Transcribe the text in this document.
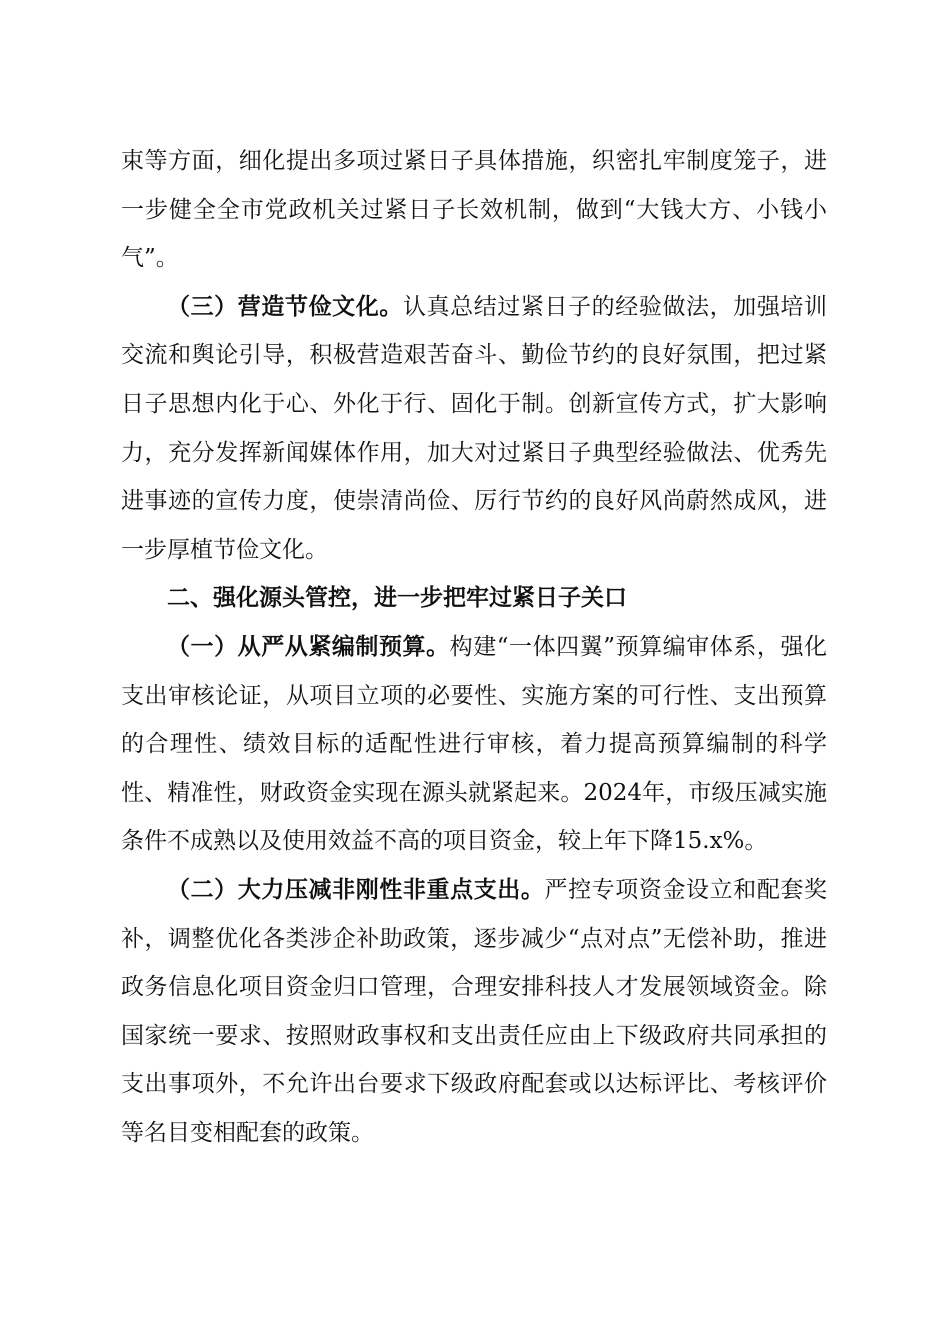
束等方面，细化提出多项过紧日子具体措施，织密扎牢制度笼子，进一步健全全市党政机关过紧日子长效机制，做到“大钱大方、小钱小气”。

（三）营造节俭文化。认真总结过紧日子的经验做法，加强培训交流和舆论引导，积极营造艰苦奋斗、勤俭节约的良好氛围，把过紧日子思想内化于心、外化于行、固化于制。创新宣传方式，扩大影响力，充分发挥新闻媒体作用，加大对过紧日子典型经验做法、优秀先进事迹的宣传力度，使崇清尚俭、厉行节约的良好风尚蔚然成风，进一步厚植节俭文化。

二、强化源头管控，进一步把牢过紧日子关口

（一）从严从紧编制预算。构建“一体四翼”预算编审体系，强化支出审核论证，从项目立项的必要性、实施方案的可行性、支出预算的合理性、绩效目标的适配性进行审核，着力提高预算编制的科学性、精准性，财政资金实现在源头就紧起来。2024年，市级压减实施条件不成熟以及使用效益不高的项目资金，较上年下降15.x%。

（二）大力压减非刚性非重点支出。严控专项资金设立和配套奖补，调整优化各类涉企补助政策，逐步减少“点对点”无偿补助，推进政务信息化项目资金归口管理，合理安排科技人才发展领域资金。除国家统一要求、按照财政事权和支出责任应由上下级政府共同承担的支出事项外，不允许出台要求下级政府配套或以达标评比、考核评价等名目变相配套的政策。
